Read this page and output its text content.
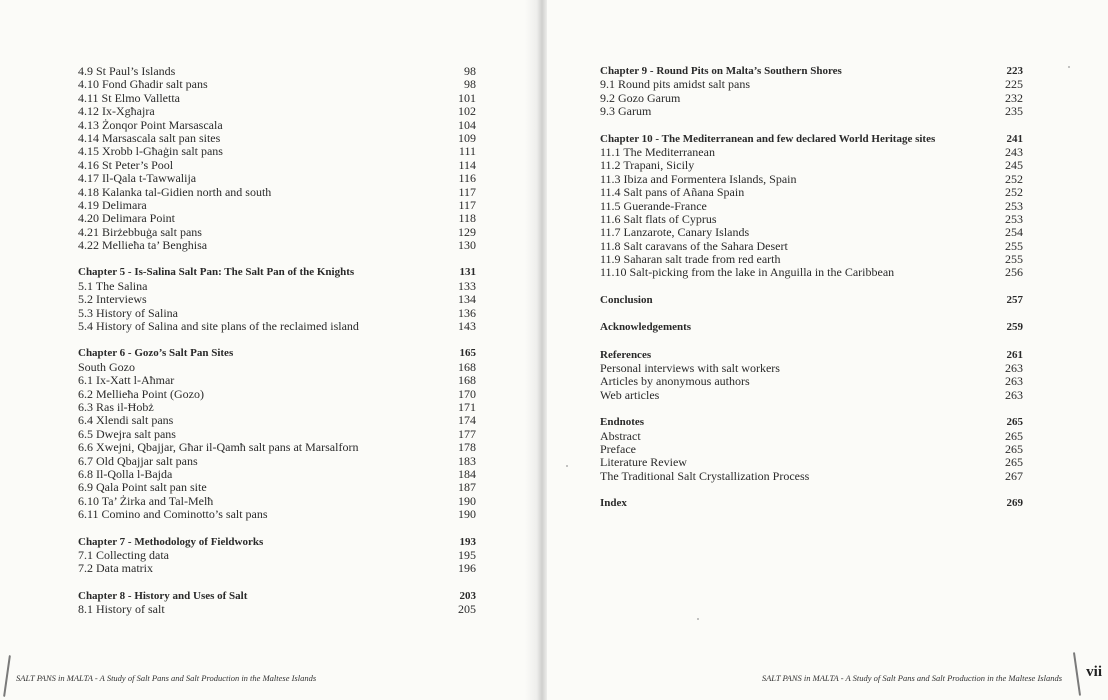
4.9 St Paul’s Islands	98
4.10 Fond Għadir salt pans	98
4.11 St Elmo Valletta	101
4.12 Ix-Xgħajra	102
4.13 Żonqor Point Marsascala	104
4.14 Marsascala salt pan sites	109
4.15 Xrobb l-Għaġin salt pans	111
4.16 St Peter’s Pool	114
4.17 Il-Qala t-Tawwalija	116
4.18 Kalanka tal-Gidien north and south	117
4.19 Delimara	117
4.20 Delimara Point	118
4.21 Birżebbuġa salt pans	129
4.22 Mellieħa ta’ Benghisa	130
Chapter 5 - Is-Salina Salt Pan: The Salt Pan of the Knights	131
5.1 The Salina	133
5.2 Interviews	134
5.3 History of Salina	136
5.4 History of Salina and site plans of the reclaimed island	143
Chapter 6 - Gozo’s Salt Pan Sites	165
South Gozo	168
6.1 Ix-Xatt l-Aħmar	168
6.2 Mellieħa Point (Gozo)	170
6.3 Ras il-Ħobż	171
6.4 Xlendi salt pans	174
6.5 Dwejra salt pans	177
6.6 Xwejni, Qbajjar, Għar il-Qamħ salt pans at Marsalforn	178
6.7 Old Qbajjar salt pans	183
6.8 Il-Qolla l-Bajda	184
6.9 Qala Point salt pan site	187
6.10 Ta’ Żirka and Tal-Melħ	190
6.11 Comino and Cominotto’s salt pans	190
Chapter 7 - Methodology of Fieldworks	193
7.1 Collecting data	195
7.2 Data matrix	196
Chapter 8 - History and Uses of Salt	203
8.1 History of salt	205
SALT PANS in MALTA - A Study of Salt Pans and Salt Production in the Maltese Islands
Chapter 9 - Round Pits on Malta’s Southern Shores	223
9.1 Round pits amidst salt pans	225
9.2 Gozo Garum	232
9.3 Garum	235
Chapter 10 - The Mediterranean and few declared World Heritage sites	241
11.1 The Mediterranean	243
11.2 Trapani, Sicily	245
11.3 Ibiza and Formentera Islands, Spain	252
11.4 Salt pans of Añana Spain	252
11.5 Guerande-France	253
11.6 Salt flats of Cyprus	253
11.7 Lanzarote, Canary Islands	254
11.8 Salt caravans of the Sahara Desert	255
11.9 Saharan salt trade from red earth	255
11.10 Salt-picking from the lake in Anguilla in the Caribbean	256
Conclusion	257
Acknowledgements	259
References	261
Personal interviews with salt workers	263
Articles by anonymous authors	263
Web articles	263
Endnotes	265
Abstract	265
Preface	265
Literature Review	265
The Traditional Salt Crystallization Process	267
Index	269
SALT PANS in MALTA - A Study of Salt Pans and Salt Production in the Maltese Islands vii
